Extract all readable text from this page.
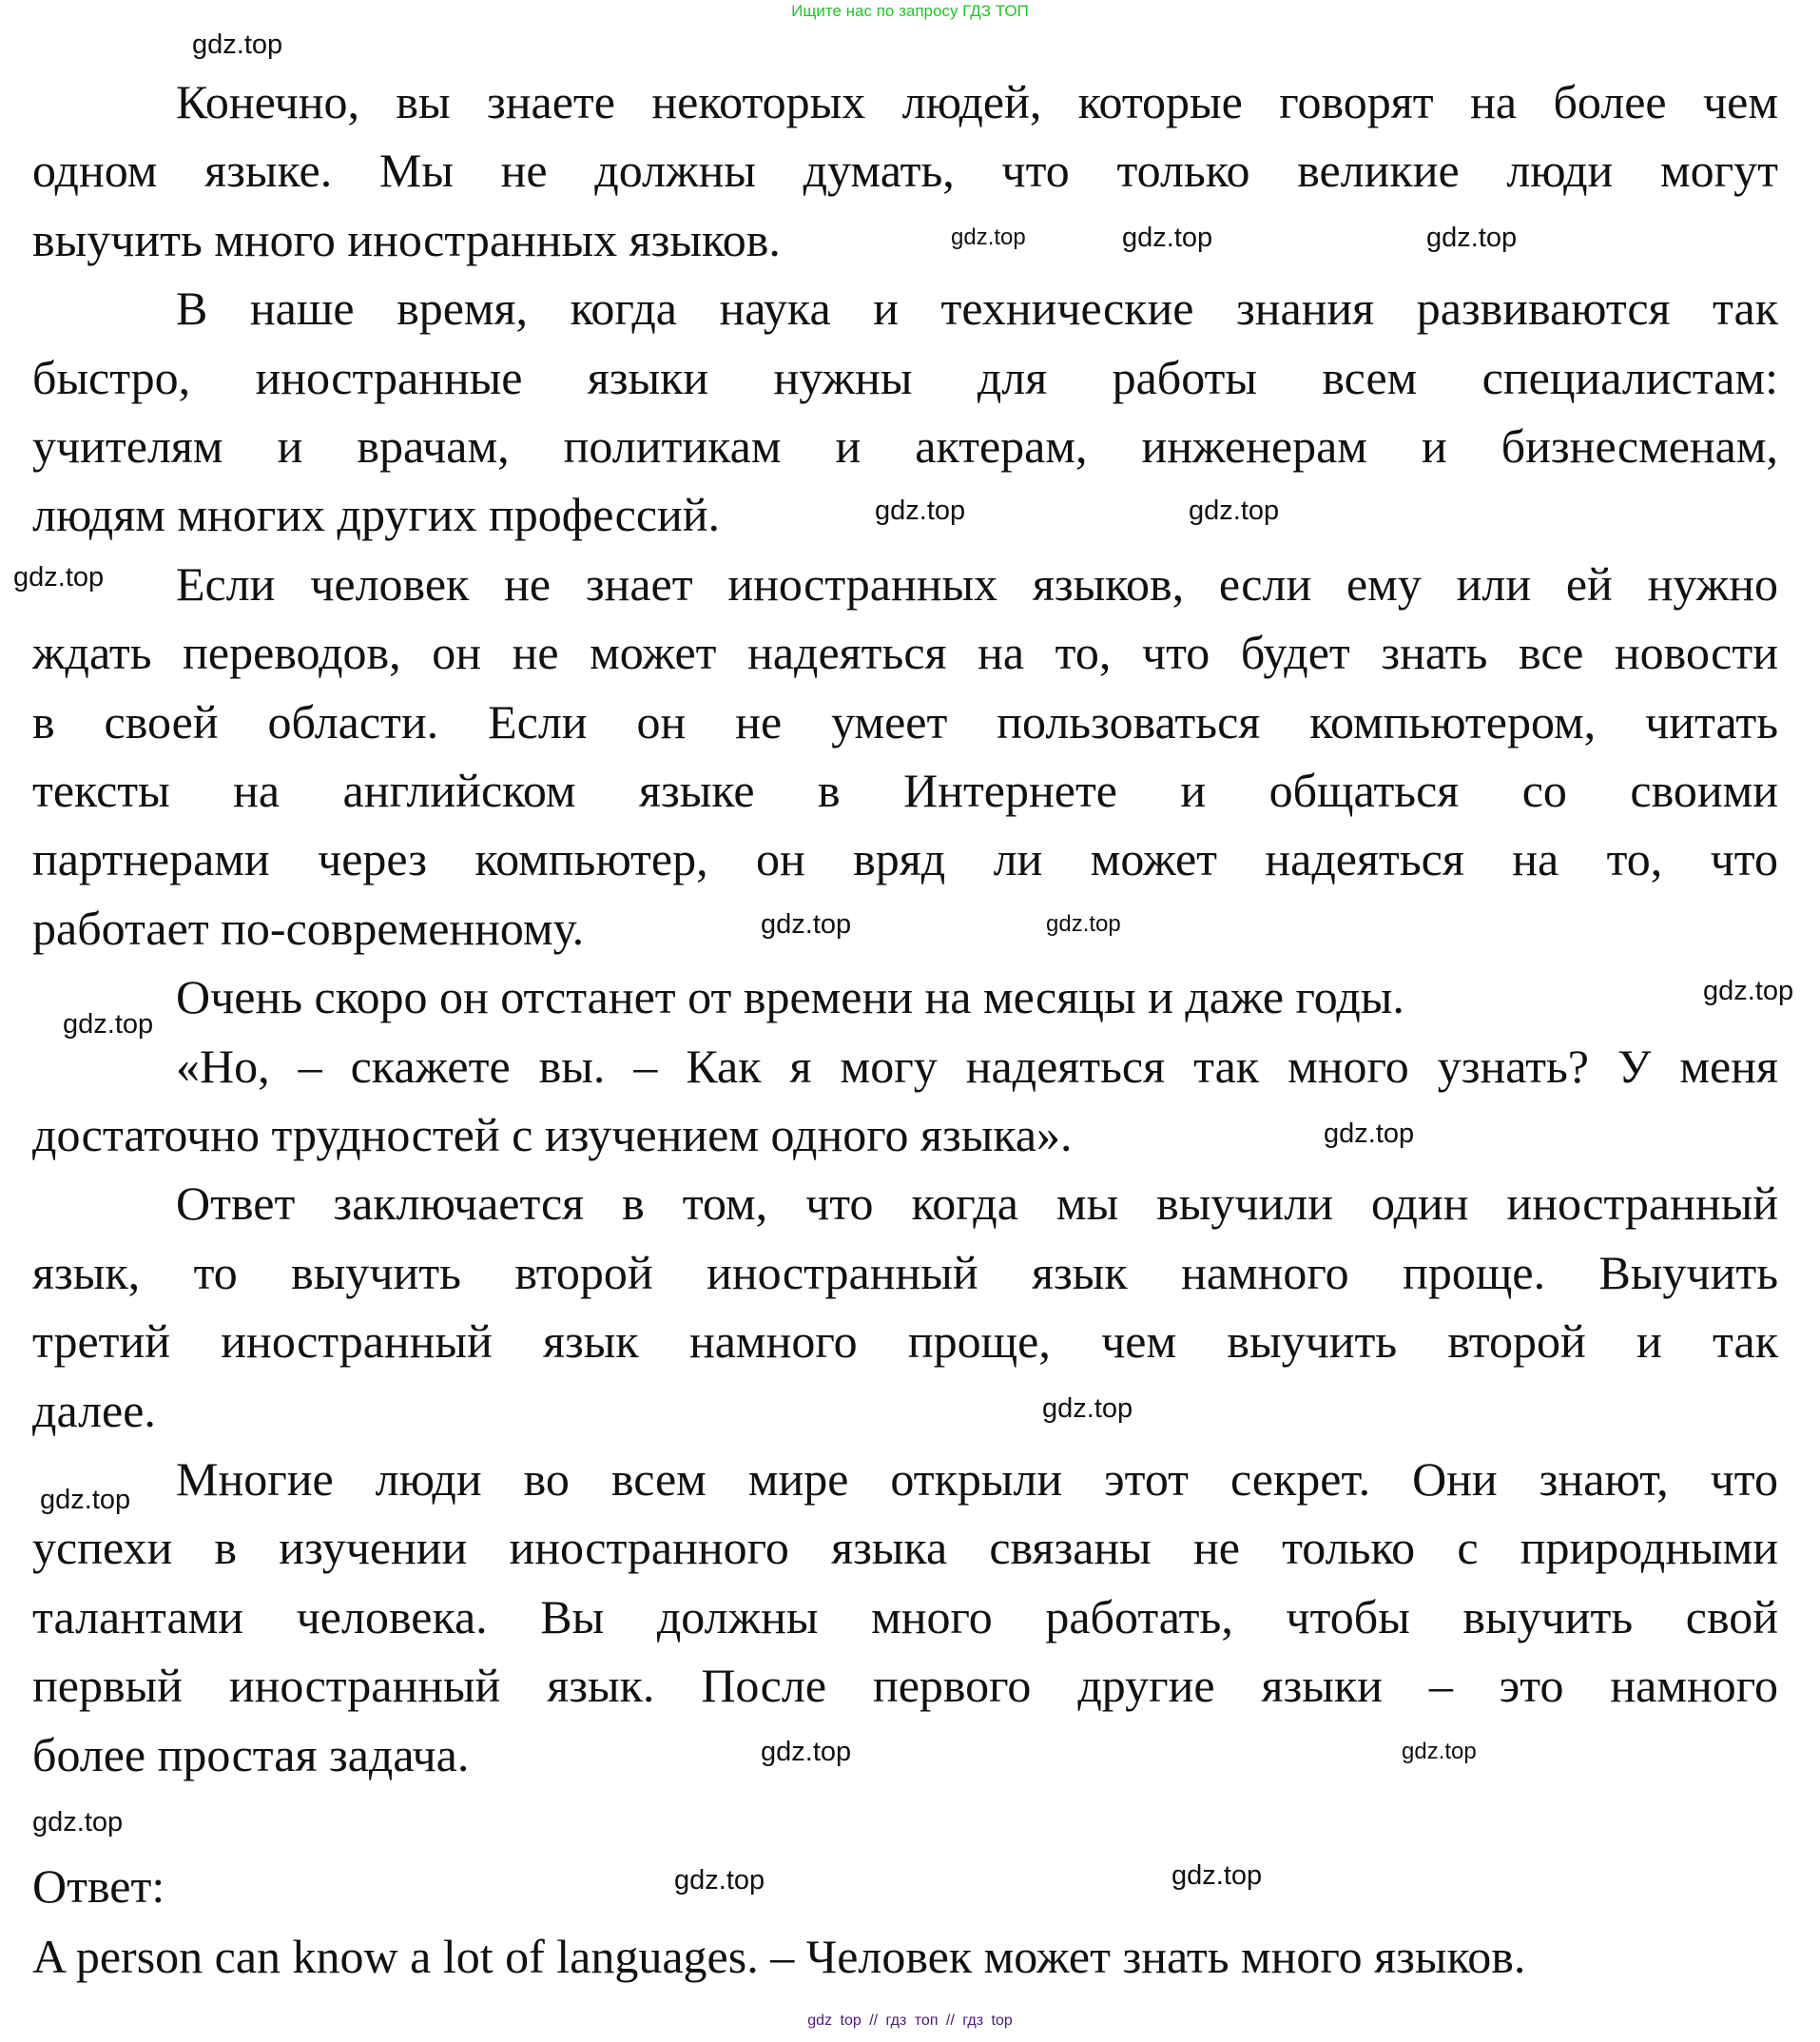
Ищите нас по запросу ГДЗ ТОП
Конечно, вы знаете некоторых людей, которые говорят на более чем
одном языке. Мы не должны думать, что только великие люди могут
выучить много иностранных языков.
В наше время, когда наука и технические знания развиваются так
быстро, иностранные языки нужны для работы всем специалистам:
учителям и врачам, политикам и актерам, инженерам и бизнесменам,
людям многих других профессий.
Если человек не знает иностранных языков, если ему или ей нужно
ждать переводов, он не может надеяться на то, что будет знать все новости
в своей области. Если он не умеет пользоваться компьютером, читать
тексты на английском языке в Интернете и общаться со своими
партнерами через компьютер, он вряд ли может надеяться на то, что
работает по-современному.
Очень скоро он отстанет от времени на месяцы и даже годы.
«Но, – скажете вы. – Как я могу надеяться так много узнать? У меня
достаточно трудностей с изучением одного языка».
Ответ заключается в том, что когда мы выучили один иностранный
язык, то выучить второй иностранный язык намного проще. Выучить
третий иностранный язык намного проще, чем выучить второй и так
далее.
Многие люди во всем мире открыли этот секрет. Они знают, что
успехи в изучении иностранного языка связаны не только с природными
талантами человека. Вы должны много работать, чтобы выучить свой
первый иностранный язык. После первого другие языки – это намного
более простая задача.
Ответ:
A person can know a lot of languages. – Человек может знать много языков.
gdz.top
gdz.top	gdz.top
gdz.top
gdz.top
gdz.top
gdz.top
gdz.top
gdz.top
gdz.top
gdz.top
gdz.top
gdz.top
gdz.top
gdz.top
gdz.top
gdz.top
gdz.top
gdz.top
gdz top // гдз топ // гдз top
